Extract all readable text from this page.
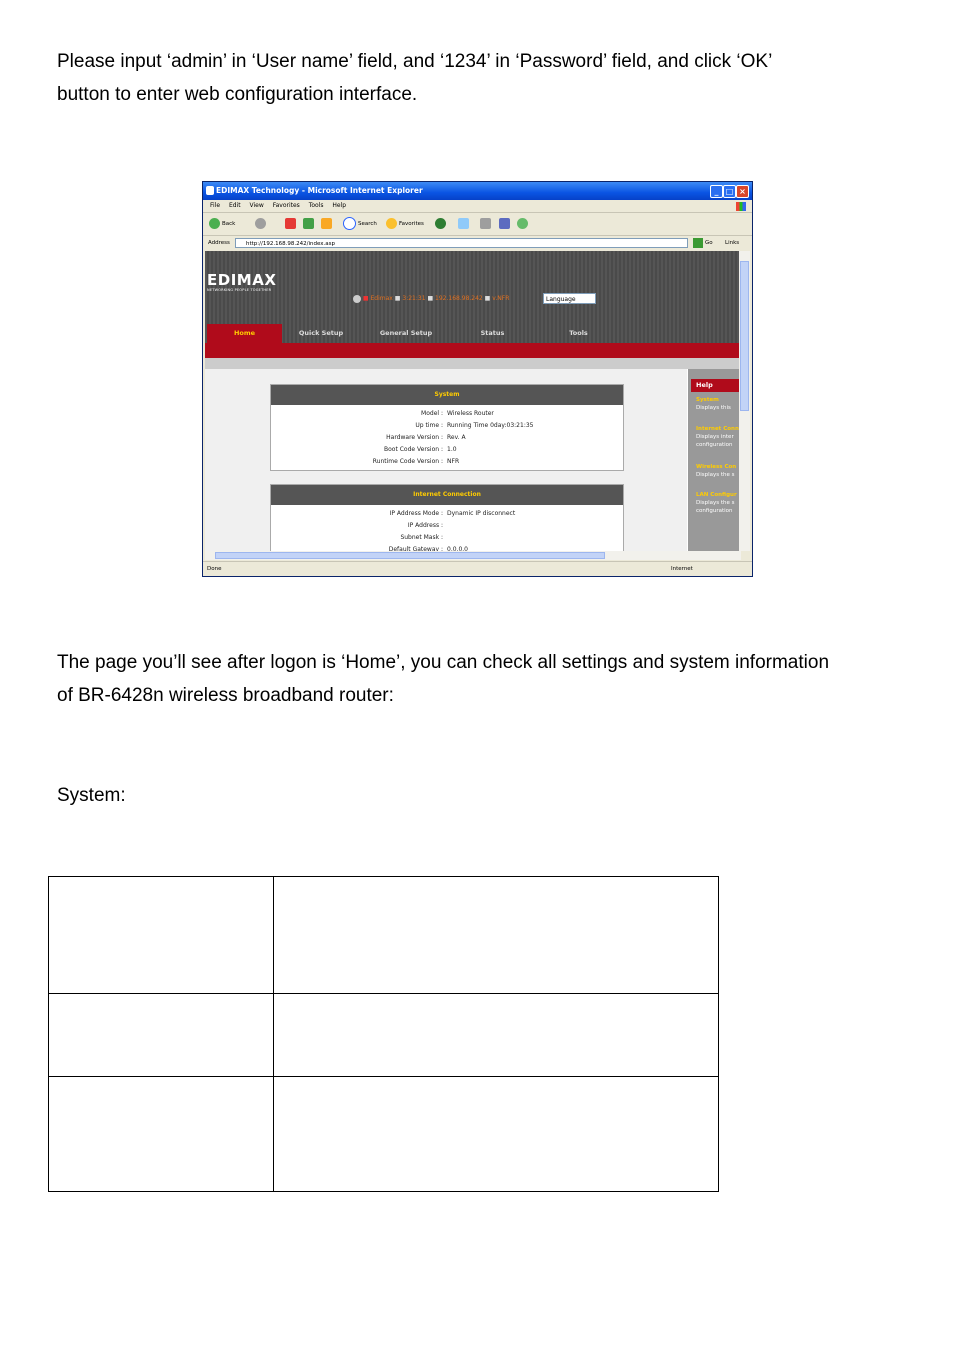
Please input ‘admin’ in ‘User name’ field, and ‘1234’ in ‘Password’ field, and click ‘OK’
button to enter web configuration interface.
EDIMAX Technology - Microsoft Internet Explorer	_ □ ×
File Edit View Favorites Tools Help
Back	Search	Favorites
Address	http://192.168.98.242/index.asp	Go Links
EDIMAX
NETWORKING PEOPLE TOGETHER
■ Edimax ■ 3:21:31 ■ 192.168.98.242 ■ v.NFR	Language
Home	Quick Setup	General Setup	Status	Tools
System
Model : Wireless Router
Up time : Running Time 0day:03:21:35
Hardware Version : Rev. A
Boot Code Version : 1.0
Runtime Code Version : NFR
Internet Connection
IP Address Mode : Dynamic IP disconnect
IP Address :
Subnet Mask :
Default Gateway : 0.0.0.0
Help
System
Displays this
Internet Conn
Displays inter
configuration
Wireless Con
Displays the s
LAN Configur
Displays the s
configuration
Done	Internet
The page you’ll see after logon is ‘Home’, you can check all settings and system information
of BR-6428n wireless broadband router:
System:
